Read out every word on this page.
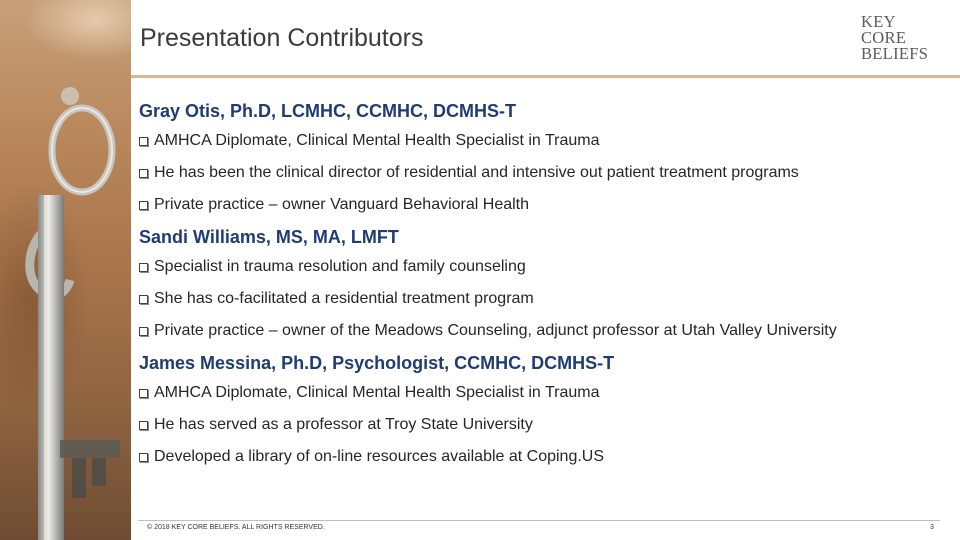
Presentation Contributors
KEY
CORE
BELIEFS
Gray Otis, Ph.D, LCMHC, CCMHC, DCMHS-T
AMHCA Diplomate, Clinical Mental Health Specialist in Trauma
He has been the clinical director of residential and intensive out patient treatment programs
Private practice – owner Vanguard Behavioral Health
Sandi Williams, MS, MA, LMFT
Specialist in trauma resolution and family counseling
She has co-facilitated a residential treatment program
Private practice – owner of the Meadows Counseling, adjunct professor at Utah Valley University
James Messina, Ph.D, Psychologist, CCMHC, DCMHS-T
AMHCA Diplomate, Clinical Mental Health Specialist in Trauma
He has served as a professor at Troy State University
Developed a library of on-line resources available at Coping.US
© 2018 KEY CORE BELIEFS. ALL RIGHTS RESERVED.	3
